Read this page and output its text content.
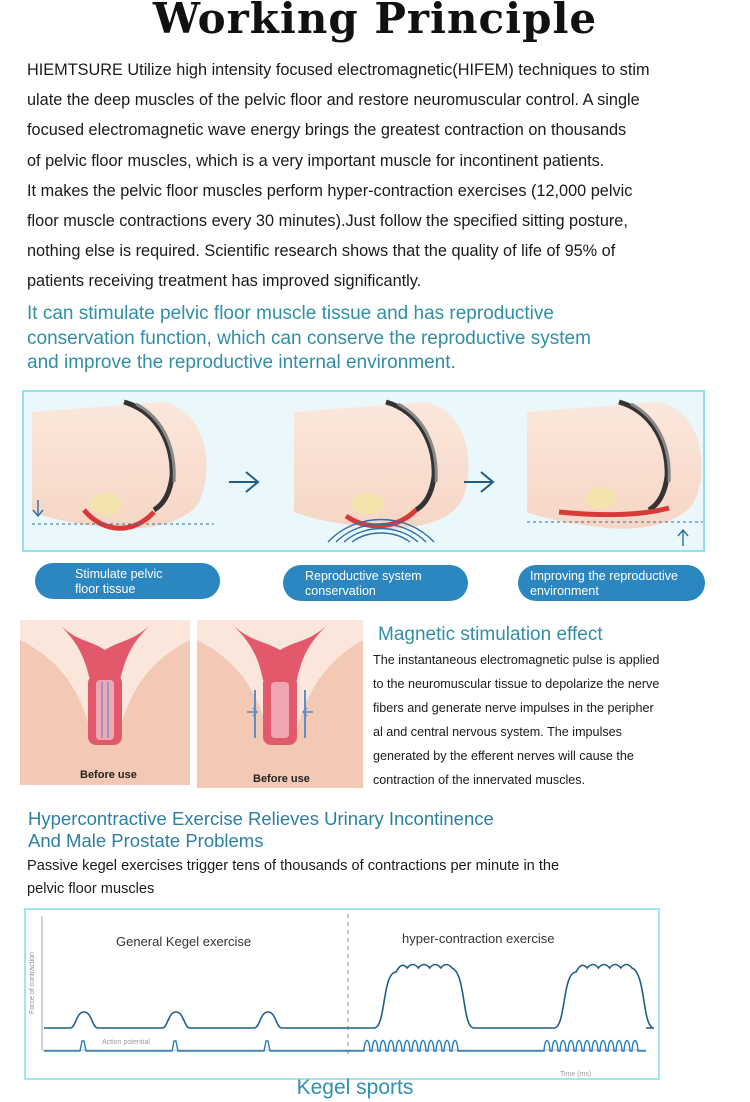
Working Principle

HIEMTSURE Utilize high intensity focused electromagnetic(HIFEM) techniques to stim

ulate the deep muscles of the pelvic floor and restore neuromuscular control. A single

focused electromagnetic wave energy brings the greatest contraction on thousands

of pelvic floor muscles, which is a very important muscle for incontinent patients.

It makes the pelvic floor muscles perform hyper-contraction exercises (12,000 pelvic

floor muscle contractions every 30 minutes).Just follow the specified sitting posture,

nothing else is required. Scientific research shows that the quality of life of 95% of

patients receiving treatment has improved significantly.

It can stimulate pelvic floor muscle tissue and has reproductive
conservation function, which can conserve the reproductive system
and improve the reproductive internal environment.
Stimulate pelvic
floor tissue
Reproductive system
conservation
Improving the reproductive
environment
Before use	Before use
Magnetic stimulation effect
The instantaneous electromagnetic pulse is applied
to the neuromuscular tissue to depolarize the nerve
fibers and generate nerve impulses in the peripher
al and central nervous system. The impulses
generated by the efferent nerves will cause the
contraction of the innervated muscles.
Hypercontractive Exercise Relieves Urinary Incontinence
And Male Prostate Problems
Passive kegel exercises trigger tens of thousands of contractions per minute in the
pelvic floor muscles
Force of contraction
General Kegel exercise	hyper-contraction exercise
Action potential
Time (ms)
Kegel sports
